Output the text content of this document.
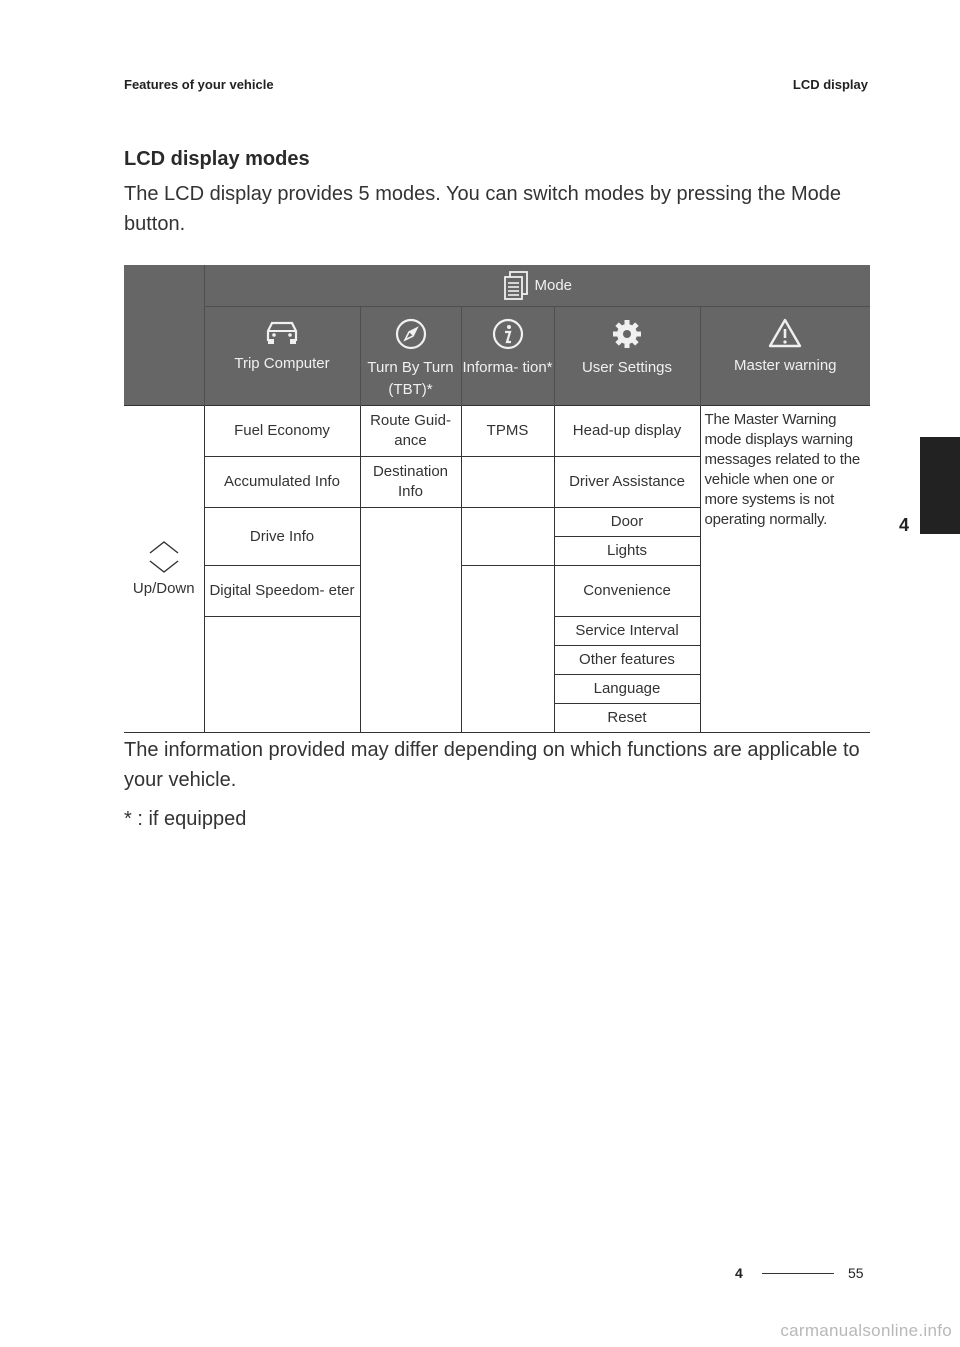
Features of your vehicle	LCD display
LCD display modes
The LCD display provides 5 modes. You can switch modes by pressing the Mode button.

	Mode				

	Trip Computer	Turn By Turn (TBT)*	Informa- tion*	User Settings	Master warning

Up/Down	Fuel Economy	Route Guid- ance	TPMS	Head-up display	The Master Warning mode displays warning messages related to the vehicle when one or more systems is not operating normally.
	Accumulated Info	Destination Info		Driver Assistance	
	Drive Info			Door	
				Lights	
	Digital Speedom- eter			Convenience	
				Service Interval	
				Other features	
				Language	
				Reset	
The information provided may differ depending on which functions are applicable to your vehicle.
* : if equipped
4
4	55
carmanualsonline.info
